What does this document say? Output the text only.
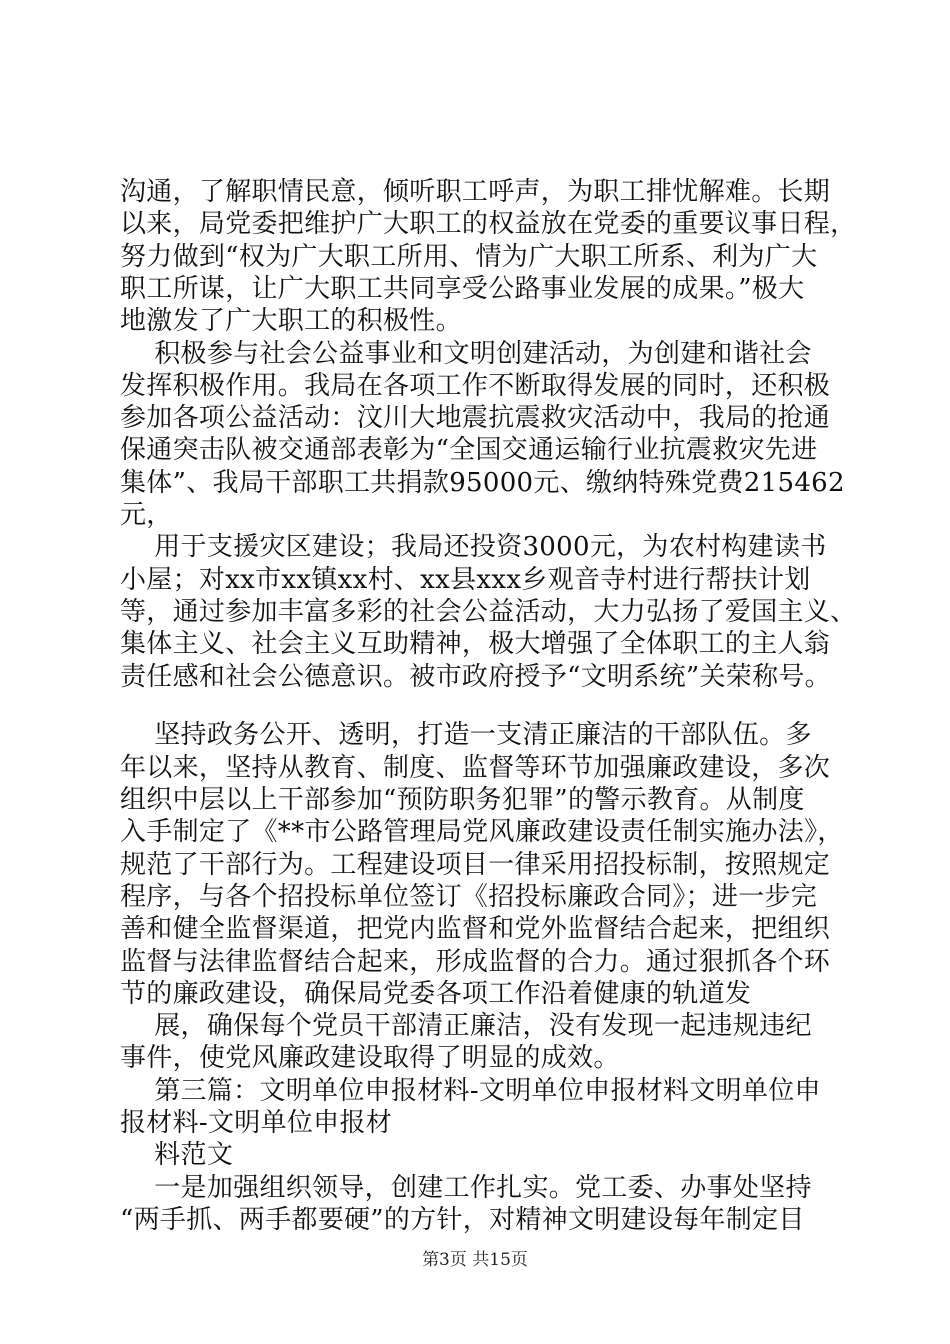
沟通，了解职情民意，倾听职工呼声，为职工排忧解难。长期
以来，局党委把维护广大职工的权益放在党委的重要议事日程，
努力做到“权为广大职工所用、情为广大职工所系、利为广大
职工所谋，让广大职工共同享受公路事业发展的成果。”极大
地激发了广大职工的积极性。
积极参与社会公益事业和文明创建活动，为创建和谐社会
发挥积极作用。我局在各项工作不断取得发展的同时，还积极
参加各项公益活动：汶川大地震抗震救灾活动中，我局的抢通
保通突击队被交通部表彰为“全国交通运输行业抗震救灾先进
集体”、我局干部职工共捐款95000元、缴纳特殊党费215462
元，
用于支援灾区建设；我局还投资3000元，为农村构建读书
小屋；对xx市xx镇xx村、xx县xxx乡观音寺村进行帮扶计划
等，通过参加丰富多彩的社会公益活动，大力弘扬了爱国主义、
集体主义、社会主义互助精神，极大增强了全体职工的主人翁
责任感和社会公德意识。被市政府授予“文明系统”关荣称号。
坚持政务公开、透明，打造一支清正廉洁的干部队伍。多
年以来，坚持从教育、制度、监督等环节加强廉政建设，多次
组织中层以上干部参加“预防职务犯罪”的警示教育。从制度
入手制定了《**市公路管理局党风廉政建设责任制实施办法》，
规范了干部行为。工程建设项目一律采用招投标制，按照规定
程序，与各个招投标单位签订《招投标廉政合同》；进一步完
善和健全监督渠道，把党内监督和党外监督结合起来，把组织
监督与法律监督结合起来，形成监督的合力。通过狠抓各个环
节的廉政建设，确保局党委各项工作沿着健康的轨道发
展，确保每个党员干部清正廉洁，没有发现一起违规违纪
事件，使党风廉政建设取得了明显的成效。
第三篇：文明单位申报材料-文明单位申报材料文明单位申
报材料-文明单位申报材
料范文
一是加强组织领导，创建工作扎实。党工委、办事处坚持
“两手抓、两手都要硬”的方针，对精神文明建设每年制定目
第3页 共15页
